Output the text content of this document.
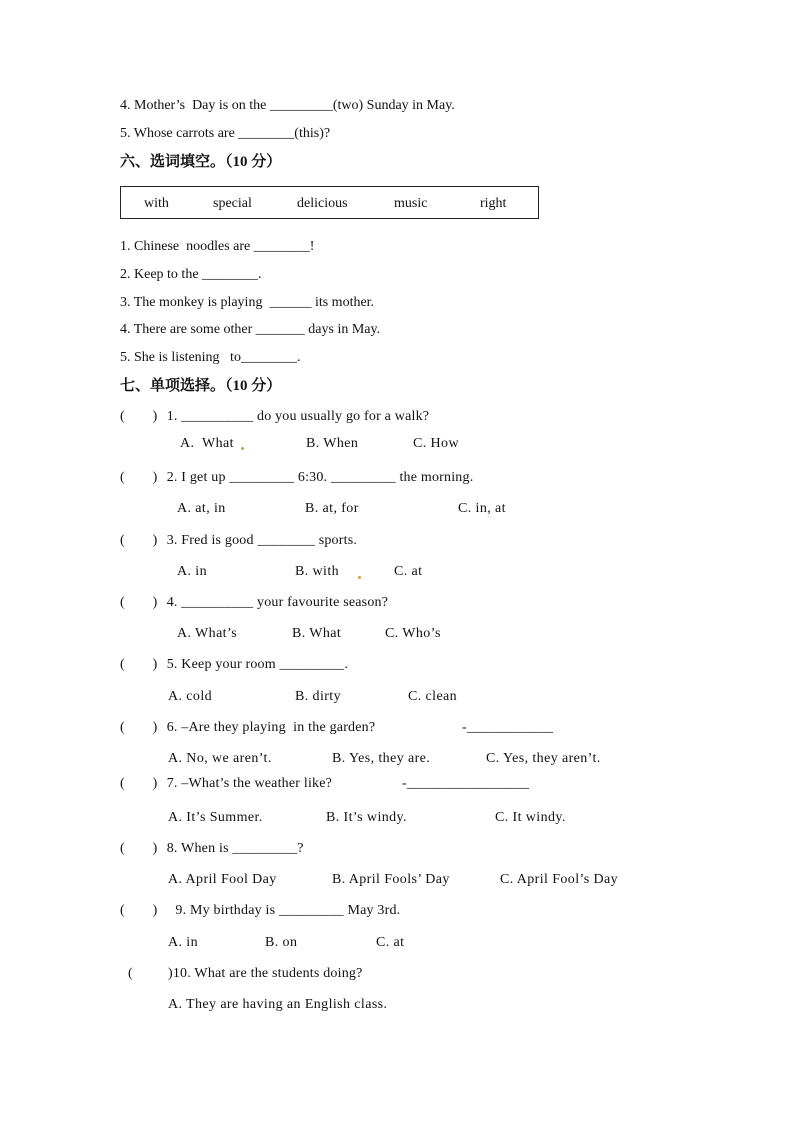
4. Mother’s  Day is on the _________(two) Sunday in May.
5. Whose carrots are ________(this)?
六、选词填空。（10 分）
with	special	delicious	music	right
1. Chinese  noodles are ________!
2. Keep to the ________.
3. The monkey is playing  ______ its mother.
4. There are some other _______ days in May.
5. She is listening   to________.
七、单项选择。（10 分）
(        ) 1. __________ do you usually go for a walk?
A.  What	B. When	C. How
(        ) 2. I get up _________ 6:30. _________ the morning.
A. at, in	B. at, for	C. in, at
(        ) 3. Fred is good ________ sports.
A. in	B. with	C. at
(        ) 4. __________ your favourite season?
A. What’s	B. What	C. Who’s
(        ) 5. Keep your room _________.
A. cold	B. dirty	C. clean
(        ) 6. –Are they playing  in the garden?	-____________
A. No, we aren’t.	B. Yes, they are.	C. Yes, they aren’t.
(        ) 7. –What’s the weather like?	-_________________
A. It’s Summer.	B. It’s windy.	C. It windy.
(        ) 8. When is _________?
A. April Fool Day	B. April Fools’ Day	C. April Fool’s Day
(        ) 9. My birthday is _________ May 3rd.
A. in	B. on	C. at
(	)10. What are the students doing?
A. They are having an English class.
